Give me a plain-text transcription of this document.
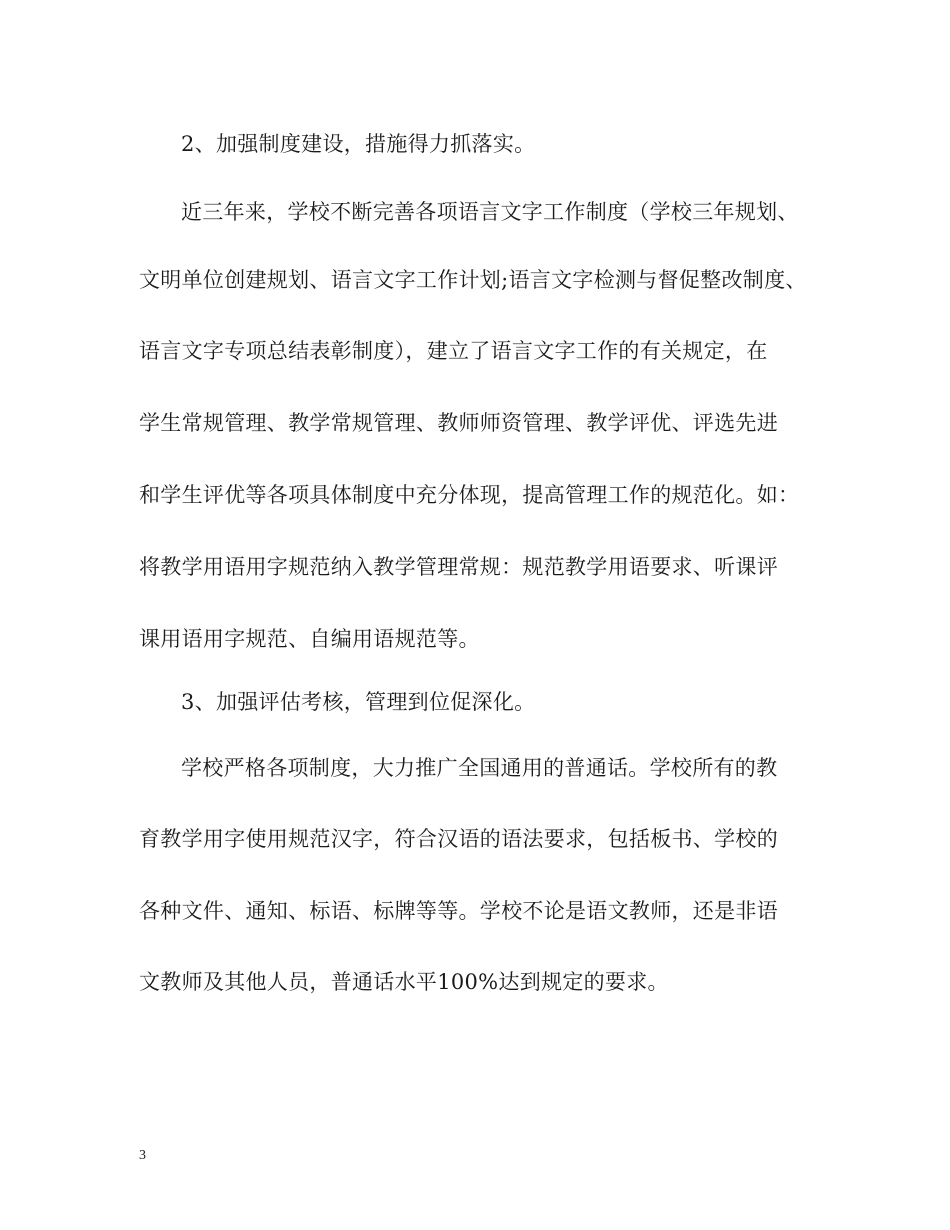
2、加强制度建设，措施得力抓落实。
近三年来，学校不断完善各项语言文字工作制度（学校三年规划、
文明单位创建规划、语言文字工作计划;语言文字检测与督促整改制度、
语言文字专项总结表彰制度），建立了语言文字工作的有关规定，在
学生常规管理、教学常规管理、教师师资管理、教学评优、评选先进
和学生评优等各项具体制度中充分体现，提高管理工作的规范化。如：
将教学用语用字规范纳入教学管理常规：规范教学用语要求、听课评
课用语用字规范、自编用语规范等。
3、加强评估考核，管理到位促深化。
学校严格各项制度，大力推广全国通用的普通话。学校所有的教
育教学用字使用规范汉字，符合汉语的语法要求，包括板书、学校的
各种文件、通知、标语、标牌等等。学校不论是语文教师，还是非语
文教师及其他人员，普通话水平100%达到规定的要求。
3
